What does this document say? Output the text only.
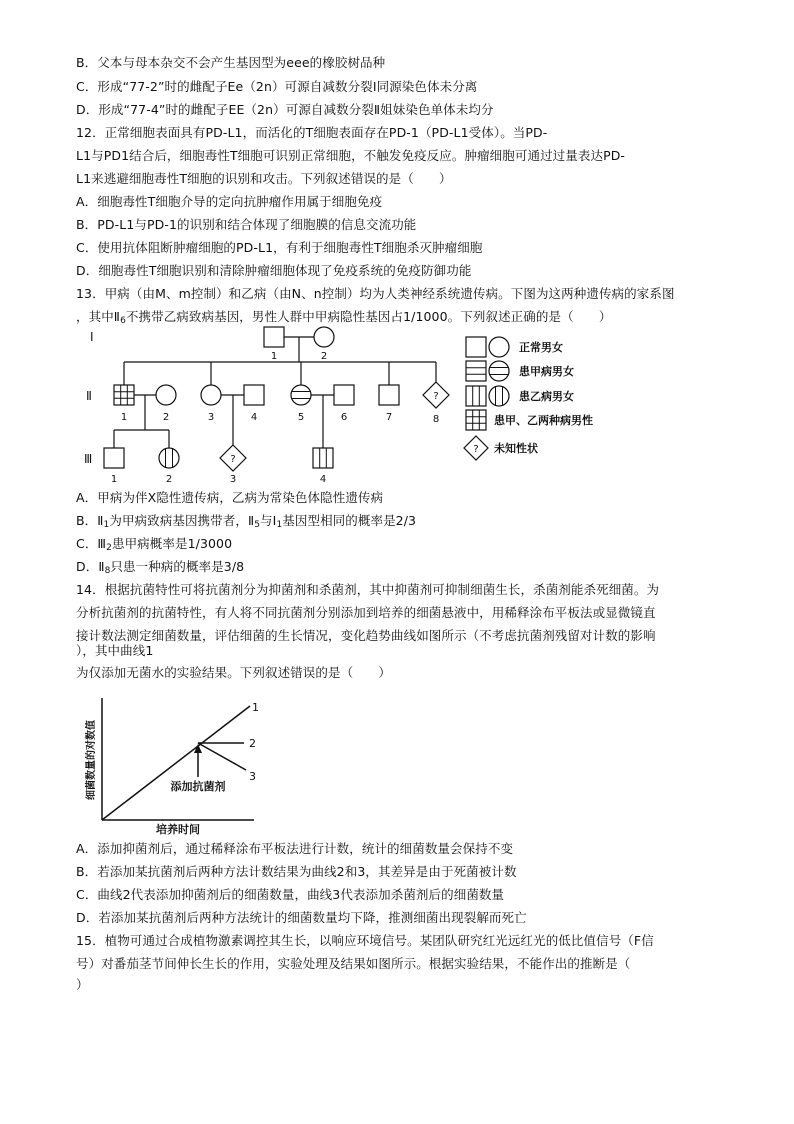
B．父本与母本杂交不会产生基因型为eee的橡胶树品种
C．形成“77-2”时的雌配子Ee（2n）可源自减数分裂Ⅰ同源染色体未分离
D．形成“77-4”时的雌配子EE（2n）可源自减数分裂Ⅱ姐妹染色单体未均分
12．正常细胞表面具有PD-L1，而活化的T细胞表面存在PD-1（PD-L1受体）。当PD-
L1与PD1结合后，细胞毒性T细胞可识别正常细胞，不触发免疫反应。肿瘤细胞可通过过量表达PD-
L1来逃避细胞毒性T细胞的识别和攻击。下列叙述错误的是（　　）
A．细胞毒性T细胞介导的定向抗肿瘤作用属于细胞免疫
B．PD-L1与PD-1的识别和结合体现了细胞膜的信息交流功能
C．使用抗体阻断肿瘤细胞的PD-L1，有利于细胞毒性T细胞杀灭肿瘤细胞
D．细胞毒性T细胞识别和清除肿瘤细胞体现了免疫系统的免疫防御功能
13．甲病（由M、m控制）和乙病（由N、n控制）均为人类神经系统遗传病。下图为这两种遗传病的家系图
，其中$Ⅱ_6$不携带乙病致病基因，男性人群中甲病隐性基因占1/1000。下列叙述正确的是（　　）
?
?
Ⅰ
Ⅱ
Ⅲ
1	2
1	2	3	4	5	6	7	8
1	2	3	4
?
正常男女
患甲病男女
患乙病男女
患甲、乙两种病男性
未知性状
A．甲病为伴X隐性遗传病，乙病为常染色体隐性遗传病
B．$Ⅱ_1$为甲病致病基因携带者，$Ⅱ_5$与$Ⅰ_1$基因型相同的概率是2/3
C．$Ⅲ_2$患甲病概率是1/3000
D．$Ⅱ_8$只患一种病的概率是3/8
14．根据抗菌特性可将抗菌剂分为抑菌剂和杀菌剂，其中抑菌剂可抑制细菌生长，杀菌剂能杀死细菌。为
分析抗菌剂的抗菌特性，有人将不同抗菌剂分别添加到培养的细菌悬液中，用稀释涂布平板法或显微镜直
接计数法测定细菌数量，评估细菌的生长情况，变化趋势曲线如图所示（不考虑抗菌剂残留对计数的影响
），其中曲线1
为仅添加无菌水的实验结果。下列叙述错误的是（　　）
细菌数量的对数值
培养时间
添加抗菌剂
1
2
3
A．添加抑菌剂后，通过稀释涂布平板法进行计数，统计的细菌数量会保持不变
B．若添加某抗菌剂后两种方法计数结果为曲线2和3，其差异是由于死菌被计数
C．曲线2代表添加抑菌剂后的细菌数量，曲线3代表添加杀菌剂后的细菌数量
D．若添加某抗菌剂后两种方法统计的细菌数量均下降，推测细菌出现裂解而死亡
15．植物可通过合成植物激素调控其生长，以响应环境信号。某团队研究红光远红光的低比值信号（F信
号）对番茄茎节间伸长生长的作用，实验处理及结果如图所示。根据实验结果，不能作出的推断是（
）
